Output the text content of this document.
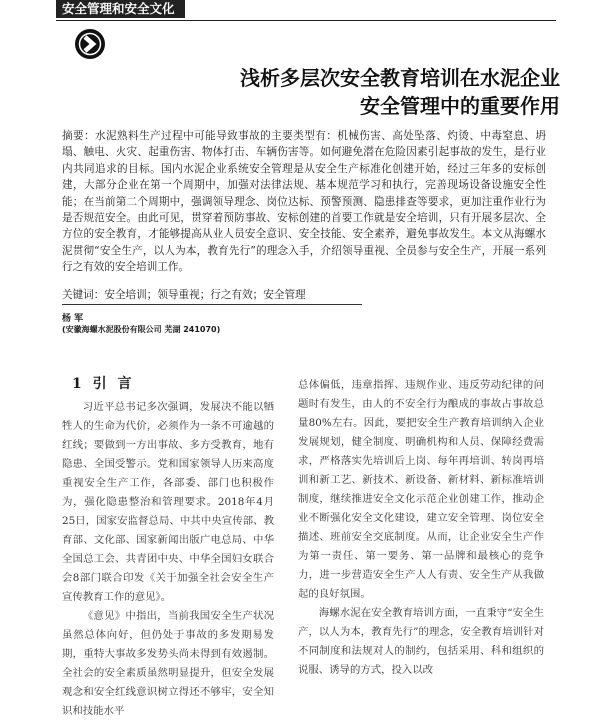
安全管理和安全文化
浅析多层次安全教育培训在水泥企业
安全管理中的重要作用

摘要：水泥熟料生产过程中可能导致事故的主要类型有：机械伤害、高处坠落、灼烫、中毒窒息、坍塌、触电、火灾、起重伤害、物体打击、车辆伤害等。如何避免潜在危险因素引起事故的发生，是行业内共同追求的目标。国内水泥企业系统安全管理是从安全生产标准化创建开始，经过三年多的安标创建，大部分企业在第一个周期中，加强对法律法规、基本规范学习和执行，完善现场设备设施安全性能；在当前第二个周期中，强调领导理念、岗位达标、预警预测、隐患排查等要求，更加注重作业行为是否规范安全。由此可见，贯穿着预防事故、安标创建的首要工作就是安全培训，只有开展多层次、全方位的安全教育，才能够提高从业人员安全意识、安全技能、安全素养，避免事故发生。本文从海螺水泥贯彻“安全生产，以人为本，教育先行”的理念入手，介绍领导重视、全员参与安全生产，开展一系列行之有效的安全培训工作。

关键词：安全培训；领导重视；行之有效；安全管理
杨 军
(安徽海螺水泥股份有限公司 芜湖 241070)
1 引 言

习近平总书记多次强调，发展决不能以牺牲人的生命为代价，必须作为一条不可逾越的红线；要做到一方出事故、多方受教育，地有隐患、全国受警示。党和国家领导人历来高度重视安全生产工作，各部委、部门也积极作为，强化隐患整治和管理要求。2018年4月25日，国家安监督总局、中共中央宣传部、教育部、文化部、国家新闻出版广电总局、中华全国总工会、共青团中央、中华全国妇女联合会8部门联合印发《关于加强全社会安全生产宣传教育工作的意见》。

《意见》中指出，当前我国安全生产状况虽然总体向好，但仍处于事故的多发期易发期，重特大事故多发势头尚未得到有效遏制。全社会的安全素质虽然明显提升，但安全发展观念和安全红线意识树立得还不够牢，安全知识和技能水平

总体偏低，违章指挥、违规作业、违反劳动纪律的问题时有发生，由人的不安全行为酿成的事故占事故总量80%左右。因此，要把安全生产教育培训纳入企业发展规划，健全制度、明确机构和人员、保障经费需求，严格落实先培训后上岗、每年再培训、转岗再培训和新工艺、新技术、新设备、新材料、新标准培训制度，继续推进安全文化示范企业创建工作，推动企业不断强化安全文化建设，建立安全管理、岗位安全描述、班前安全交底制度。从而，让企业安全生产作为第一责任、第一要务、第一品牌和最核心的竞争力，进一步营造安全生产人人有责、安全生产从我做起的良好氛围。

海螺水泥在安全教育培训方面，一直秉守“安全生产，以人为本，教育先行”的理念，安全教育培训针对不同制度和法规对人的制约，包括采用、科和组织的说服、诱导的方式，投入以改
